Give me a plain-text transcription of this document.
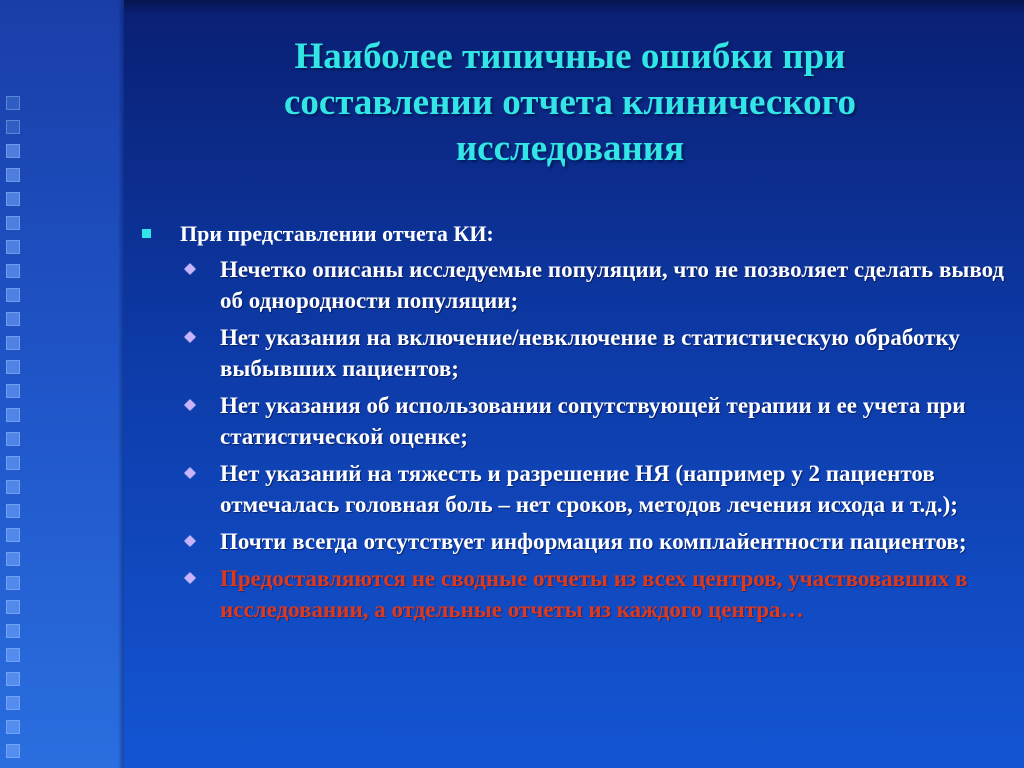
Наиболее типичные ошибки при
составлении отчета клинического
исследования
При представлении отчета КИ:
Нечетко описаны исследуемые популяции, что не позволяет сделать вывод об однородности популяции;
Нет указания на включение/невключение в статистическую обработку выбывших пациентов;
Нет указания об использовании сопутствующей терапии и ее учета при статистической оценке;
Нет указаний на тяжесть и разрешение НЯ (например у 2 пациентов отмечалась головная боль – нет сроков, методов лечения исхода и т.д.);
Почти всегда отсутствует информация по комплайентности пациентов;
Предоставляются не сводные отчеты из всех центров, участвовавших в исследовании, а отдельные отчеты из каждого центра…
